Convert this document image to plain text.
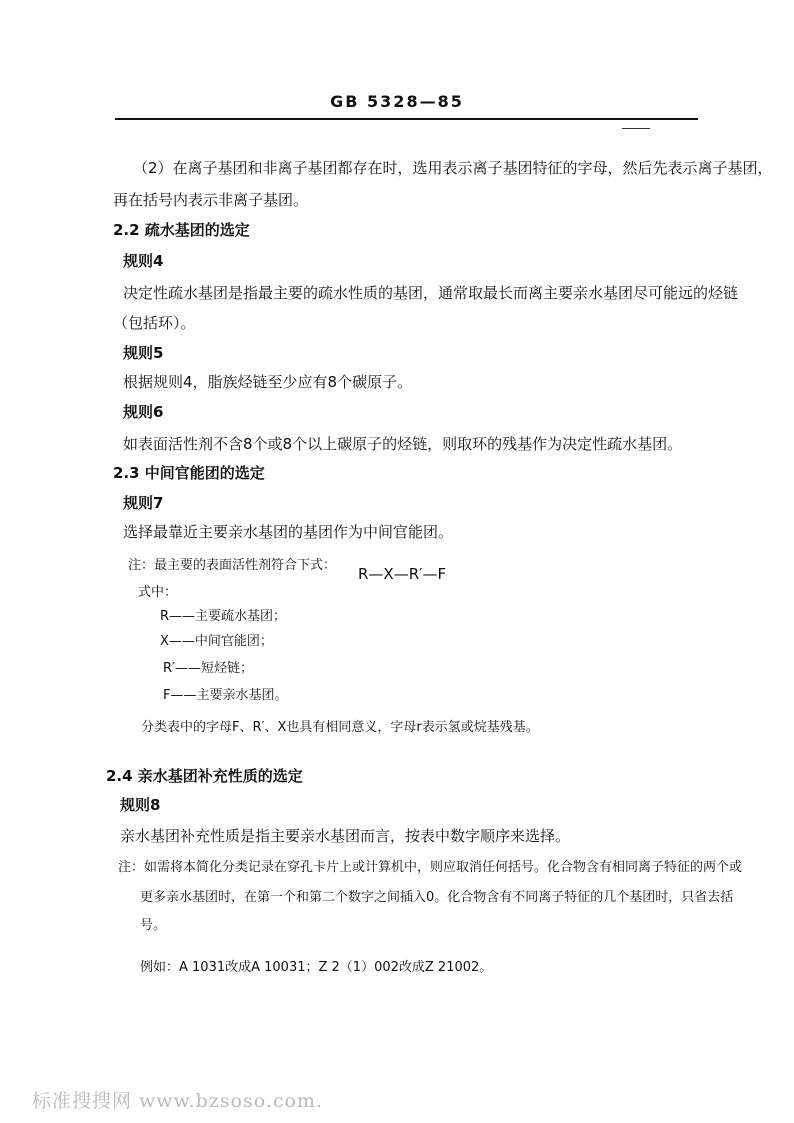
GB 5328—85
（2）在离子基团和非离子基团都存在时，选用表示离子基团特征的字母，然后先表示离子基团，
再在括号内表示非离子基团。
2.2 疏水基团的选定
规则4
决定性疏水基团是指最主要的疏水性质的基团，通常取最长而离主要亲水基团尽可能远的烃链
（包括环）。
规则5
根据规则4，脂族烃链至少应有8个碳原子。
规则6
如表面活性剂不含8个或8个以上碳原子的烃链，则取环的残基作为决定性疏水基团。
2.3 中间官能团的选定
规则7
选择最靠近主要亲水基团的基团作为中间官能团。
注：最主要的表面活性剂符合下式： R—X—R′—F
式中：
R——主要疏水基团；
X——中间官能团；
R′——短烃链；
F——主要亲水基团。
分类表中的字母F、R′、X也具有相同意义，字母r表示氢或烷基残基。
2.4 亲水基团补充性质的选定
规则8
亲水基团补充性质是指主要亲水基团而言，按表中数字顺序来选择。
注：如需将本简化分类记录在穿孔卡片上或计算机中，则应取消任何括号。化合物含有相同离子特征的两个或
更多亲水基团时，在第一个和第二个数字之间插入0。化合物含有不同离子特征的几个基团时，只省去括
号。
例如：A 1031改成A 10031；Z 2（1）002改成Z 21002。
标准搜搜网 www.bzsoso.com.
